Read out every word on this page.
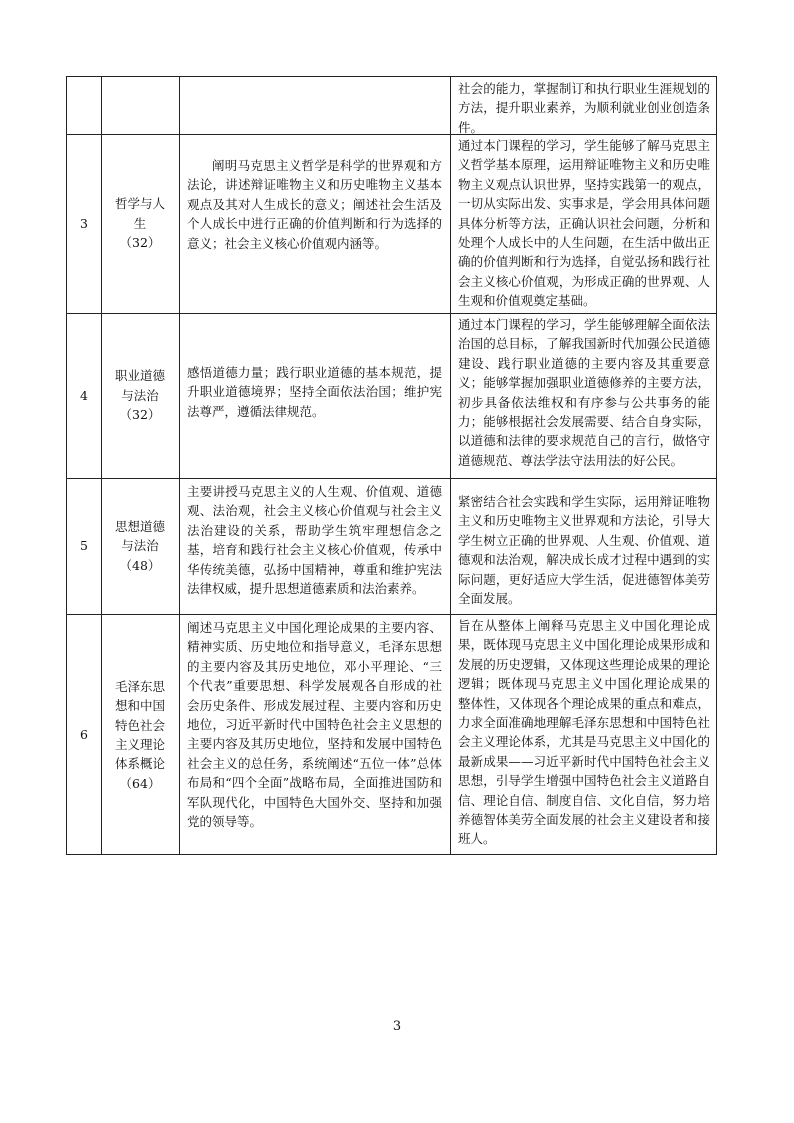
社会的能力，掌握制订和执行职业生涯规划的方法，提升职业素养，为顺利就业创业创造条件。
3
哲学与人
生
（32）
阐明马克思主义哲学是科学的世界观和方法论，讲述辩证唯物主义和历史唯物主义基本观点及其对人生成长的意义；阐述社会生活及个人成长中进行正确的价值判断和行为选择的意义；社会主义核心价值观内涵等。
通过本门课程的学习，学生能够了解马克思主义哲学基本原理，运用辩证唯物主义和历史唯物主义观点认识世界，坚持实践第一的观点，一切从实际出发、实事求是，学会用具体问题具体分析等方法，正确认识社会问题，分析和处理个人成长中的人生问题，在生活中做出正确的价值判断和行为选择，自觉弘扬和践行社会主义核心价值观，为形成正确的世界观、人生观和价值观奠定基础。
4
职业道德
与法治
（32）
感悟道德力量；践行职业道德的基本规范，提升职业道德境界；坚持全面依法治国；维护宪法尊严，遵循法律规范。
通过本门课程的学习，学生能够理解全面依法治国的总目标，了解我国新时代加强公民道德建设、践行职业道德的主要内容及其重要意义；能够掌握加强职业道德修养的主要方法，初步具备依法维权和有序参与公共事务的能力；能够根据社会发展需要、结合自身实际，以道德和法律的要求规范自己的言行，做恪守道德规范、尊法学法守法用法的好公民。
5
思想道德
与法治
（48）
主要讲授马克思主义的人生观、价值观、道德观、法治观，社会主义核心价值观与社会主义法治建设的关系，帮助学生筑牢理想信念之基，培育和践行社会主义核心价值观，传承中华传统美德，弘扬中国精神，尊重和维护宪法法律权威，提升思想道德素质和法治素养。
紧密结合社会实践和学生实际，运用辩证唯物主义和历史唯物主义世界观和方法论，引导大学生树立正确的世界观、人生观、价值观、道德观和法治观，解决成长成才过程中遇到的实际问题，更好适应大学生活，促进德智体美劳全面发展。
6
毛泽东思
想和中国
特色社会
主义理论
体系概论
（64）
阐述马克思主义中国化理论成果的主要内容、精神实质、历史地位和指导意义，毛泽东思想的主要内容及其历史地位，邓小平理论、“三个代表”重要思想、科学发展观各自形成的社会历史条件、形成发展过程、主要内容和历史地位，习近平新时代中国特色社会主义思想的主要内容及其历史地位，坚持和发展中国特色社会主义的总任务，系统阐述“五位一体”总体布局和“四个全面”战略布局，全面推进国防和军队现代化，中国特色大国外交、坚持和加强党的领导等。
旨在从整体上阐释马克思主义中国化理论成果，既体现马克思主义中国化理论成果形成和发展的历史逻辑，又体现这些理论成果的理论逻辑；既体现马克思主义中国化理论成果的 整体性，又体现各个理论成果的重点和难点，力求全面准确地理解毛泽东思想和中国特色社会主义理论体系，尤其是马克思主义中国化的最新成果——习近平新时代中国特色社会主义思想，引导学生增强中国特色社会主义道路自信、理论自信、制度自信、文化自信，努力培养德智体美劳全面发展的社会主义建设者和接班人。
3
